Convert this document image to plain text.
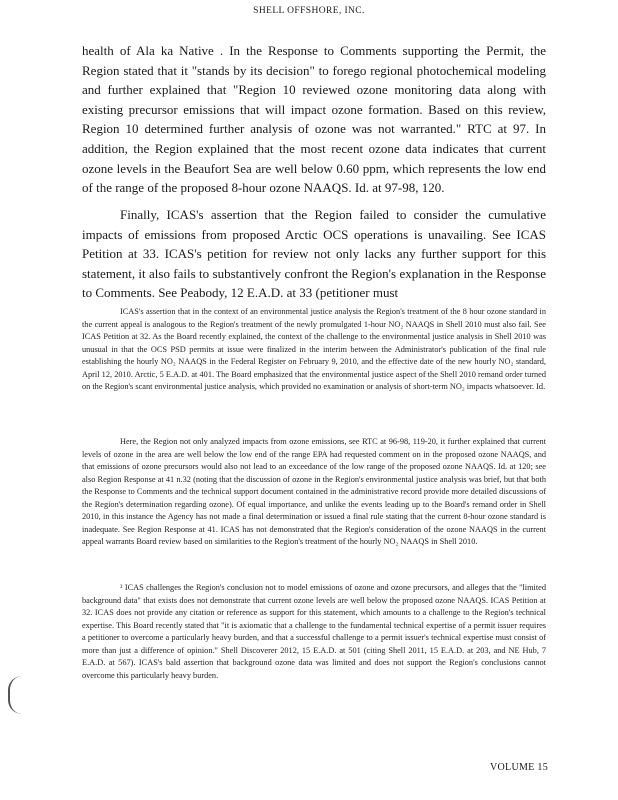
SHELL OFFSHORE, INC.
health of Ala ka Native . In the Response to Comments supporting the Permit, the Region stated that it "stands by its decision" to forego regional photochemical modeling and further explained that "Region 10 reviewed ozone monitoring data along with existing precursor emissions that will impact ozone formation. Based on this review, Region 10 determined further analysis of ozone was not warranted." RTC at 97. In addition, the Region explained that the most recent ozone data indicates that current ozone levels in the Beaufort Sea are well below 0.60 ppm, which represents the low end of the range of the proposed 8-hour ozone NAAQS. Id. at 97-98, 120.
Finally, ICAS's assertion that the Region failed to consider the cumulative impacts of emissions from proposed Arctic OCS operations is unavailing. See ICAS Petition at 33. ICAS's petition for review not only lacks any further support for this statement, it also fails to substantively confront the Region's explanation in the Response to Comments. See Peabody, 12 E.A.D. at 33 (petitioner must
ICAS's assertion that in the context of an environmental justice analysis the Region's treatment of the 8 hour ozone standard in the current appeal is analogous to the Region's treatment of the newly promulgated 1-hour NO₂ NAAQS in Shell 2010 must also fail. See ICAS Petition at 32. As the Board recently explained, the context of the challenge to the environmental justice analysis in Shell 2010 was unusual in that the OCS PSD permits at issue were finalized in the interim between the Administrator's publication of the final rule establishing the hourly NO₂ NAAQS in the Federal Register on February 9, 2010, and the effective date of the new hourly NO₂ standard, April 12, 2010. Arctic, 5 E.A.D. at 401. The Board emphasized that the environmental justice aspect of the Shell 2010 remand order turned on the Region's scant environmental justice analysis, which provided no examination or analysis of short-term NO₂ impacts whatsoever. Id.
Here, the Region not only analyzed impacts from ozone emissions, see RTC at 96-98, 119-20, it further explained that current levels of ozone in the area are well below the low end of the range EPA had requested comment on in the proposed ozone NAAQS, and that emissions of ozone precursors would also not lead to an exceedance of the low range of the proposed ozone NAAQS. Id. at 120; see also Region Response at 41 n.32 (noting that the discussion of ozone in the Region's environmental justice analysis was brief, but that both the Response to Comments and the technical support document contained in the administrative record provide more detailed discussions of the Region's determination regarding ozone). Of equal importance, and unlike the events leading up to the Board's remand order in Shell 2010, in this instance the Agency has not made a final determination or issued a final rule stating that the current 8-hour ozone standard is inadequate. See Region Response at 41. ICAS has not demonstrated that the Region's consideration of the ozone NAAQS in the current appeal warrants Board review based on similarities to the Region's treatment of the hourly NO₂ NAAQS in Shell 2010.
³ ICAS challenges the Region's conclusion not to model emissions of ozone and ozone precursors, and alleges that the "limited background data" that exists does not demonstrate that current ozone levels are well below the proposed ozone NAAQS. ICAS Petition at 32. ICAS does not provide any citation or reference as support for this statement, which amounts to a challenge to the Region's technical expertise. This Board recently stated that "it is axiomatic that a challenge to the fundamental technical expertise of a permit issuer requires a petitioner to overcome a particularly heavy burden, and that a successful challenge to a permit issuer's technical expertise must consist of more than just a difference of opinion." Shell Discoverer 2012, 15 E.A.D. at 501 (citing Shell 2011, 15 E.A.D. at 203, and NE Hub, 7 E.A.D. at 567). ICAS's bald assertion that background ozone data was limited and does not support the Region's conclusions cannot overcome this particularly heavy burden.
VOLUME 15
